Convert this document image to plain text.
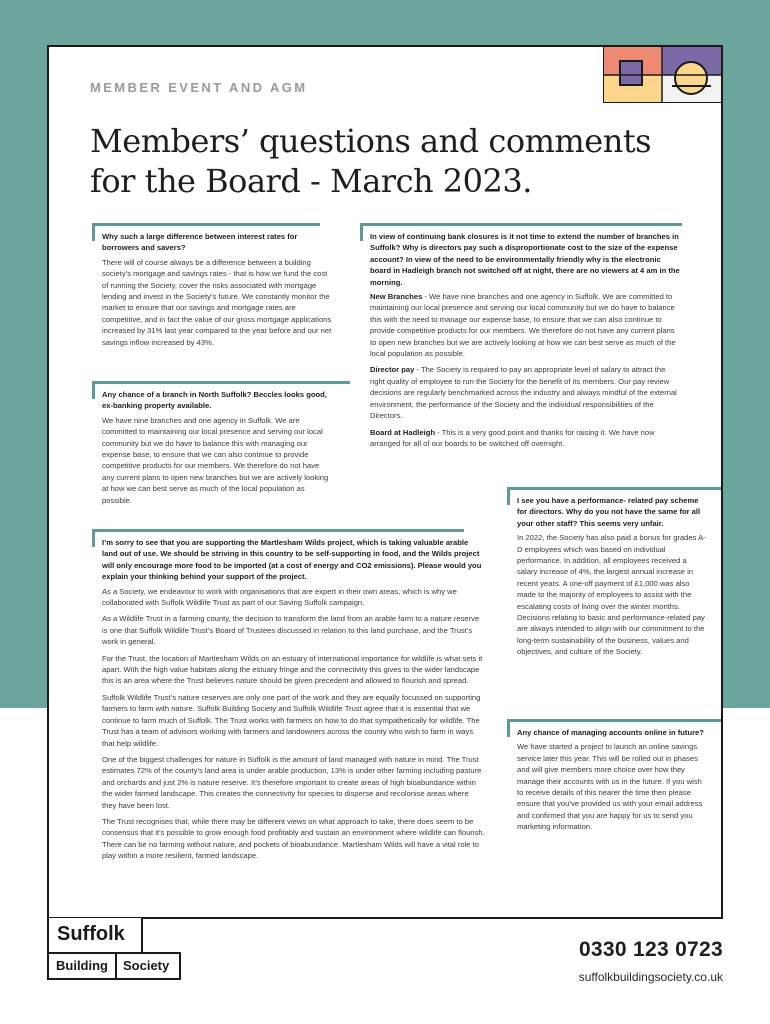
MEMBER EVENT AND AGM
Members’ questions and comments
for the Board - March 2023.
Why such a large difference between interest rates for borrowers and savers?
There will of course always be a difference between a building society’s mortgage and savings rates - that is how we fund the cost of running the Society, cover the risks associated with mortgage lending and invest in the Society’s future. We constantly monitor the market to ensure that our savings and mortgage rates are competitive, and in fact the value of our gross mortgage applications increased by 31% last year compared to the year before and our net savings inflow increased by 43%.
Any chance of a branch in North Suffolk? Beccles looks good, ex-banking property available.
We have nine branches and one agency in Suffolk. We are committed to maintaining our local presence and serving our local community but we do have to balance this with managing our expense base, to ensure that we can also continue to provide competitive products for our members. We therefore do not have any current plans to open new branches but we are actively looking at how we can best serve as much of the local population as possible.
In view of continuing bank closures is it not time to extend the number of branches in Suffolk? Why is directors pay such a disproportionate cost to the size of the expense account? In view of the need to be environmentally friendly why is the electronic board in Hadleigh branch not switched off at night, there are no viewers at 4 am in the morning.
New Branches - We have nine branches and one agency in Suffolk. We are committed to maintaining our local presence and serving our local community but we do have to balance this with the need to manage our expense base, to ensure that we can also continue to provide competitive products for our members. We therefore do not have any current plans to open new branches but we are actively looking at how we can best serve as much of the local population as possible.
Director pay - The Society is required to pay an appropriate level of salary to attract the right quality of employee to run the Society for the benefit of its members. Our pay review decisions are regularly benchmarked across the industry and always mindful of the external environment, the performance of the Society and the individual responsibilities of the Directors.
Board at Hadleigh - This is a very good point and thanks for raising it. We have now arranged for all of our boards to be switched off overnight.
I’m sorry to see that you are supporting the Martlesham Wilds project, which is taking valuable arable land out of use. We should be striving in this country to be self-supporting in food, and the Wilds project will only encourage more food to be imported (at a cost of energy and CO2 emissions). Please would you explain your thinking behind your support of the project.
As a Society, we endeavour to work with organisations that are expert in their own areas, which is why we collaborated with Suffolk Wildlife Trust as part of our Saving Suffolk campaign.
As a Wildlife Trust in a farming county, the decision to transform the land from an arable farm to a nature reserve is one that Suffolk Wildlife Trust’s Board of Trustees discussed in relation to this land purchase, and the Trust’s work in general.
For the Trust, the location of Martlesham Wilds on an estuary of international importance for wildlife is what sets it apart. With the high value habitats along the estuary fringe and the connectivity this gives to the wider landscape this is an area where the Trust believes nature should be given precedent and allowed to flourish and spread.
Suffolk Wildlife Trust’s nature reserves are only one part of the work and they are equally focussed on supporting farmers to farm with nature. Suffolk Building Society and Suffolk Wildlife Trust agree that it is essential that we continue to farm much of Suffolk. The Trust works with farmers on how to do that sympathetically for wildlife. The Trust has a team of advisors working with farmers and landowners across the county who wish to farm in ways that help wildlife.
One of the biggest challenges for nature in Suffolk is the amount of land managed with nature in mind. The Trust estimates 72% of the county’s land area is under arable production, 13% is under other farming including pasture and orchards and just 2% is nature reserve. It’s therefore important to create areas of high bioabundance within the wider farmed landscape. This creates the connectivity for species to disperse and recolonise areas where they have been lost.
The Trust recognises that, while there may be different views on what approach to take, there does seem to be consensus that it’s possible to grow enough food profitably and sustain an environment where wildlife can flourish. There can be no farming without nature, and pockets of bioabundance. Martlesham Wilds will have a vital role to play within a more resilient, farmed landscape.
I see you have a performance- related pay scheme for directors. Why do you not have the same for all your other staff? This seems very unfair.
In 2022, the Society has also paid a bonus for grades A-D employees which was based on individual performance. In addition, all employees received a salary increase of 4%, the largest annual increase in recent years. A one-off payment of £1,000 was also made to the majority of employees to assist with the escalating costs of living over the winter months. Decisions relating to basic and performance-related pay are always intended to align with our commitment to the long-term sustainability of the business, values and objectives, and culture of the Society.
Any chance of managing accounts online in future?
We have started a project to launch an online savings service later this year. This will be rolled out in phases and will give members more choice over how they manage their accounts with us in the future. If you wish to receive details of this nearer the time then please ensure that you’ve provided us with your email address and confirmed that you are happy for us to send you marketing information.
Suffolk
Building	Society
0330 123 0723
suffolkbuildingsociety.co.uk
